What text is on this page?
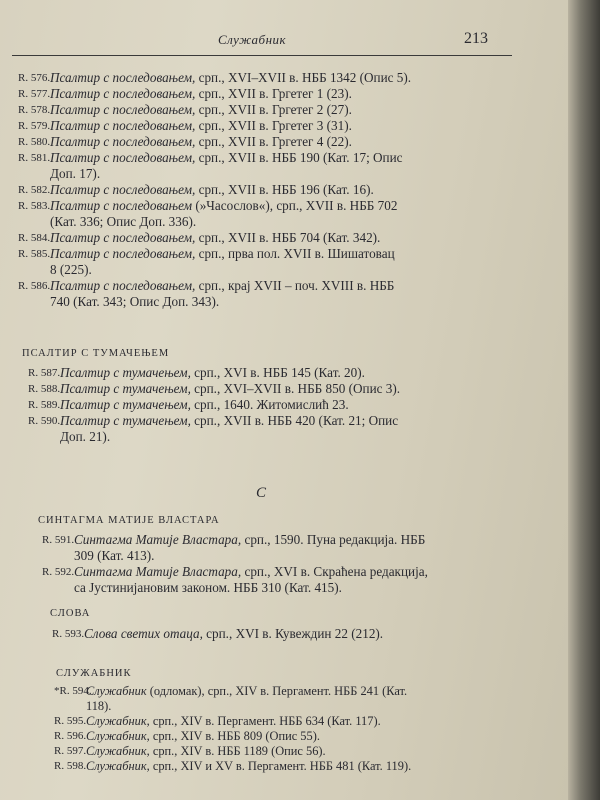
Служабник	213
R. 576. Псалтир с последовањем, срп., XVI–XVII в. НББ 1342 (Опис 5).
R. 577. Псалтир с последовањем, срп., XVII в. Гргетег 1 (23).
R. 578. Псалтир с последовањем, срп., XVII в. Гргетег 2 (27).
R. 579. Псалтир с последовањем, срп., XVII в. Гргетег 3 (31).
R. 580. Псалтир с последовањем, срп., XVII в. Гргетег 4 (22).
R. 581. Псалтир с последовањем, срп., XVII в. НББ 190 (Кат. 17; Опис
Доп. 17).
R. 582. Псалтир с последовањем, срп., XVII в. НББ 196 (Кат. 16).
R. 583. Псалтир с последовањем (»Часослов«), срп., XVII в. НББ 702
(Кат. 336; Опис Доп. 336).
R. 584. Псалтир с последовањем, срп., XVII в. НББ 704 (Кат. 342).
R. 585. Псалтир с последовањем, срп., прва пол. XVII в. Шишатовац
8 (225).
R. 586. Псалтир с последовањем, срп., крај XVII – поч. XVIII в. НББ
740 (Кат. 343; Опис Доп. 343).
ПСАЛТИР С ТУМАЧЕЊЕМ
R. 587. Псалтир с тумачењем, срп., XVI в. НББ 145 (Кат. 20).
R. 588. Псалтир с тумачењем, срп., XVI–XVII в. НББ 850 (Опис 3).
R. 589. Псалтир с тумачењем, срп., 1640. Житомислић 23.
R. 590. Псалтир с тумачењем, срп., XVII в. НББ 420 (Кат. 21; Опис
Доп. 21).
С
СИНТАГМА МАТИЈЕ ВЛАСТАРА
R. 591. Синтагма Матије Властара, срп., 1590. Пуна редакција. НББ
309 (Кат. 413).
R. 592. Синтагма Матије Властара, срп., XVI в. Скраћена редакција,
са Јустинијановим законом. НББ 310 (Кат. 415).
СЛОВА
R. 593. Слова светих отаца, срп., XVI в. Кувеждин 22 (212).
СЛУЖАБНИК
*R. 594.
Служабник (одломак), срп., XIV в. Пергамент. НББ 241 (Кат.
118).
R. 595. Служабник, срп., XIV в. Пергамент. НББ 634 (Кат. 117).
R. 596. Служабник, срп., XIV в. НББ 809 (Опис 55).
R. 597. Служабник, срп., XIV в. НББ 1189 (Опис 56).
R. 598. Служабник, срп., XIV и XV в. Пергамент. НББ 481 (Кат. 119).
